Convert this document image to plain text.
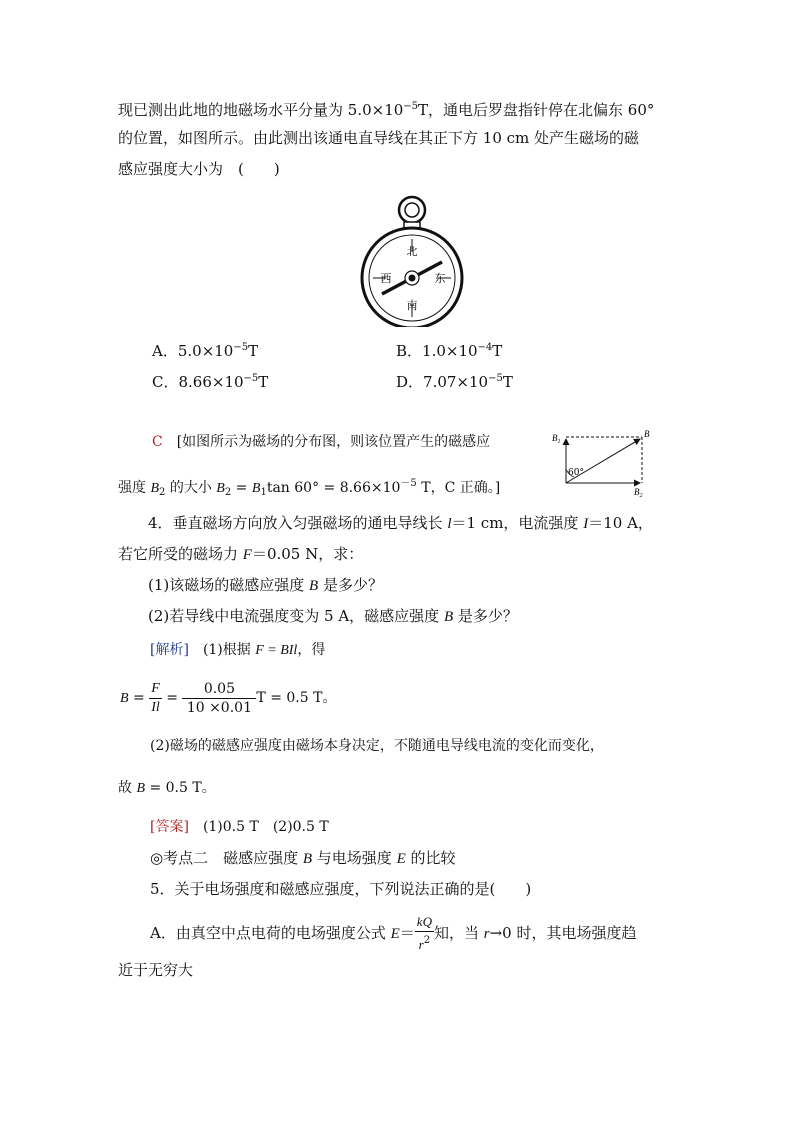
现已测出此地的地磁场水平分量为 $5.0\times 10^{-5}T$，通电后罗盘指针停在北偏东 60°
的位置，如图所示。由此测出该通电直导线在其正下方 10 cm 处产生磁场的磁
感应强度大小为　 (　　)
北
南
西	东
A．$5.0\times 10^{-5}T$	B．$1.0\times 10^{-4}T$
C．$8.66\times 10^{-5}T$	D．$7.07\times 10^{-5}T$
C　 [如图所示为磁场的分布图，则该位置产生的磁感应
强度 $B_2$ 的大小 $B_2 = B_1\tan$ $60^\circ = 8.66\times 10^{-5}$ T，C 正确。]
60°
$B_1$
B
$B_2$
4．垂直磁场方向放入匀强磁场的通电导线长 l＝1 cm，电流强度 I＝10 A，
若它所受的磁场力 F＝0.05 N，求：
(1)该磁场的磁感应强度 B 是多少？
(2)若导线中电流强度变为 5 A，磁感应强度 B 是多少？
[解析]　 (1)根据 F = BIl，得
$B = \frac{F}{Il} = \frac{0.05}{10 \times 0.01}$ T = 0.5 T。
(2)磁场的磁感应强度由磁场本身决定，不随通电导线电流的变化而变化，
故 B = 0.5 T。
[答案]　 (1)0.5 T　(2)0.5 T
◎考点二　磁感应强度 B 与电场强度 E 的比较
5．关于电场强度和磁感应强度，下列说法正确的是(　　)
A．由真空中点电荷的电场强度公式 $E= \frac{kQ}{r^2}$ 知，当 r→0 时，其电场强度趋
近于无穷大
